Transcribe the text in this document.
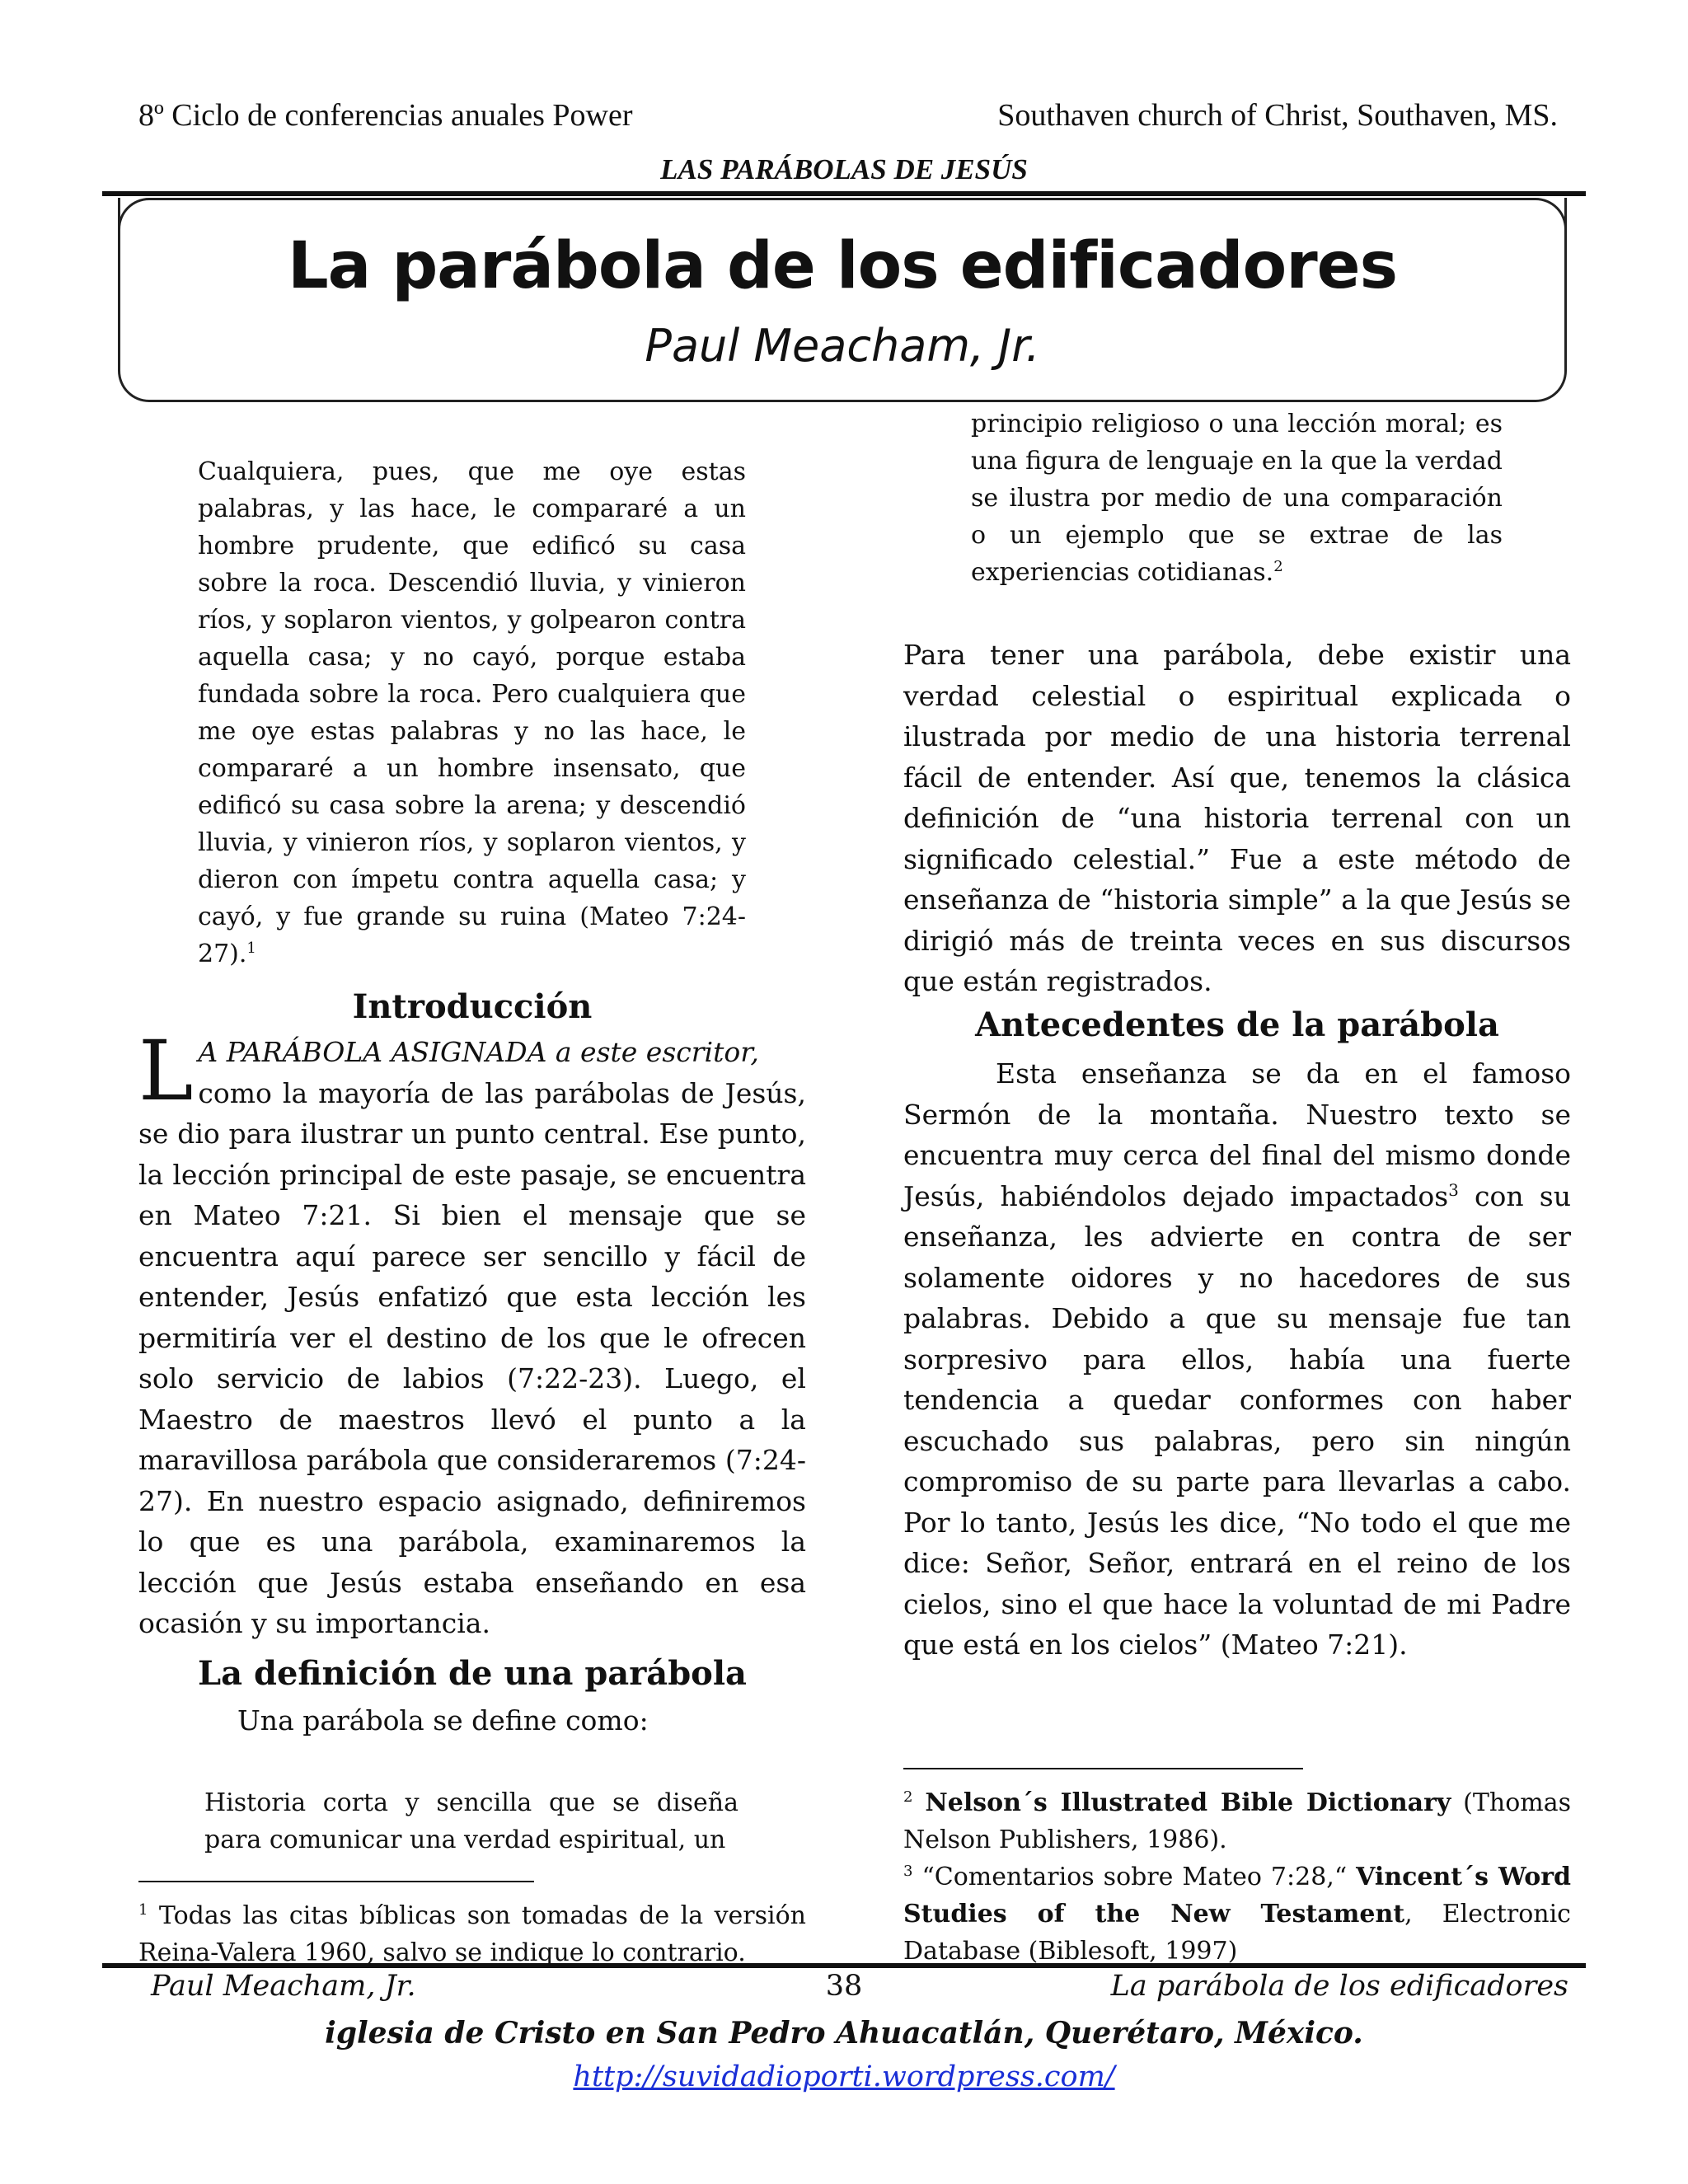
8º Ciclo de conferencias anuales Power	Southaven church of Christ, Southaven, MS.
LAS PARÁBOLAS DE JESÚS
La parábola de los edificadores
Paul Meacham, Jr.
Cualquiera, pues, que me oye estas palabras, y las hace, le compararé a un hombre prudente, que edificó su casa sobre la roca. Descendió lluvia, y vinieron ríos, y soplaron vientos, y golpearon contra aquella casa; y no cayó, porque estaba fundada sobre la roca. Pero cualquiera que me oye estas palabras y no las hace, le compararé a un hombre insensato, que edificó su casa sobre la arena; y descendió lluvia, y vinieron ríos, y soplaron vientos, y dieron con ímpetu contra aquella casa; y cayó, y fue grande su ruina (Mateo 7:24-27).$^1$
Introducción
L A PARÁBOLA ASIGNADA a este escritor,
como la mayoría de las parábolas de Jesús, se dio para ilustrar un punto central. Ese punto, la lección principal de este pasaje, se encuentra en Mateo 7:21. Si bien el mensaje que se encuentra aquí parece ser sencillo y fácil de entender, Jesús enfatizó que esta lección les permitiría ver el destino de los que le ofrecen solo servicio de labios (7:22-23). Luego, el Maestro de maestros llevó el punto a la maravillosa parábola que consideraremos (7:24-27). En nuestro espacio asignado, definiremos lo que es una parábola, examinaremos la lección que Jesús estaba enseñando en esa ocasión y su importancia.
La definición de una parábola
Una parábola se define como:
Historia corta y sencilla que se diseña para comunicar una verdad espiritual, un
$^1$ Todas las citas bíblicas son tomadas de la versión Reina-Valera 1960, salvo se indique lo contrario.
principio religioso o una lección moral; es una figura de lenguaje en la que la verdad se ilustra por medio de una comparación o un ejemplo que se extrae de las experiencias cotidianas.$^2$
Para tener una parábola, debe existir una verdad celestial o espiritual explicada o ilustrada por medio de una historia terrenal fácil de entender. Así que, tenemos la clásica definición de “una historia terrenal con un significado celestial.” Fue a este método de enseñanza de “historia simple” a la que Jesús se dirigió más de treinta veces en sus discursos que están registrados.
Antecedentes de la parábola
Esta enseñanza se da en el famoso Sermón de la montaña. Nuestro texto se encuentra muy cerca del final del mismo donde Jesús, habiéndolos dejado impactados$^3$ con su enseñanza, les advierte en contra de ser solamente oidores y no hacedores de sus palabras. Debido a que su mensaje fue tan sorpresivo para ellos, había una fuerte tendencia a quedar conformes con haber escuchado sus palabras, pero sin ningún compromiso de su parte para llevarlas a cabo. Por lo tanto, Jesús les dice, “No todo el que me dice: Señor, Señor, entrará en el reino de los cielos, sino el que hace la voluntad de mi Padre que está en los cielos” (Mateo 7:21).
$^2$ Nelson´s Illustrated Bible Dictionary (Thomas Nelson Publishers, 1986).
$^3$ “Comentarios sobre Mateo 7:28,“ Vincent´s Word Studies of the New Testament, Electronic Database (Biblesoft, 1997)
Paul Meacham, Jr.	38	La parábola de los edificadores
iglesia de Cristo en San Pedro Ahuacatlán, Querétaro, México.
http://suvidadioporti.wordpress.com/
